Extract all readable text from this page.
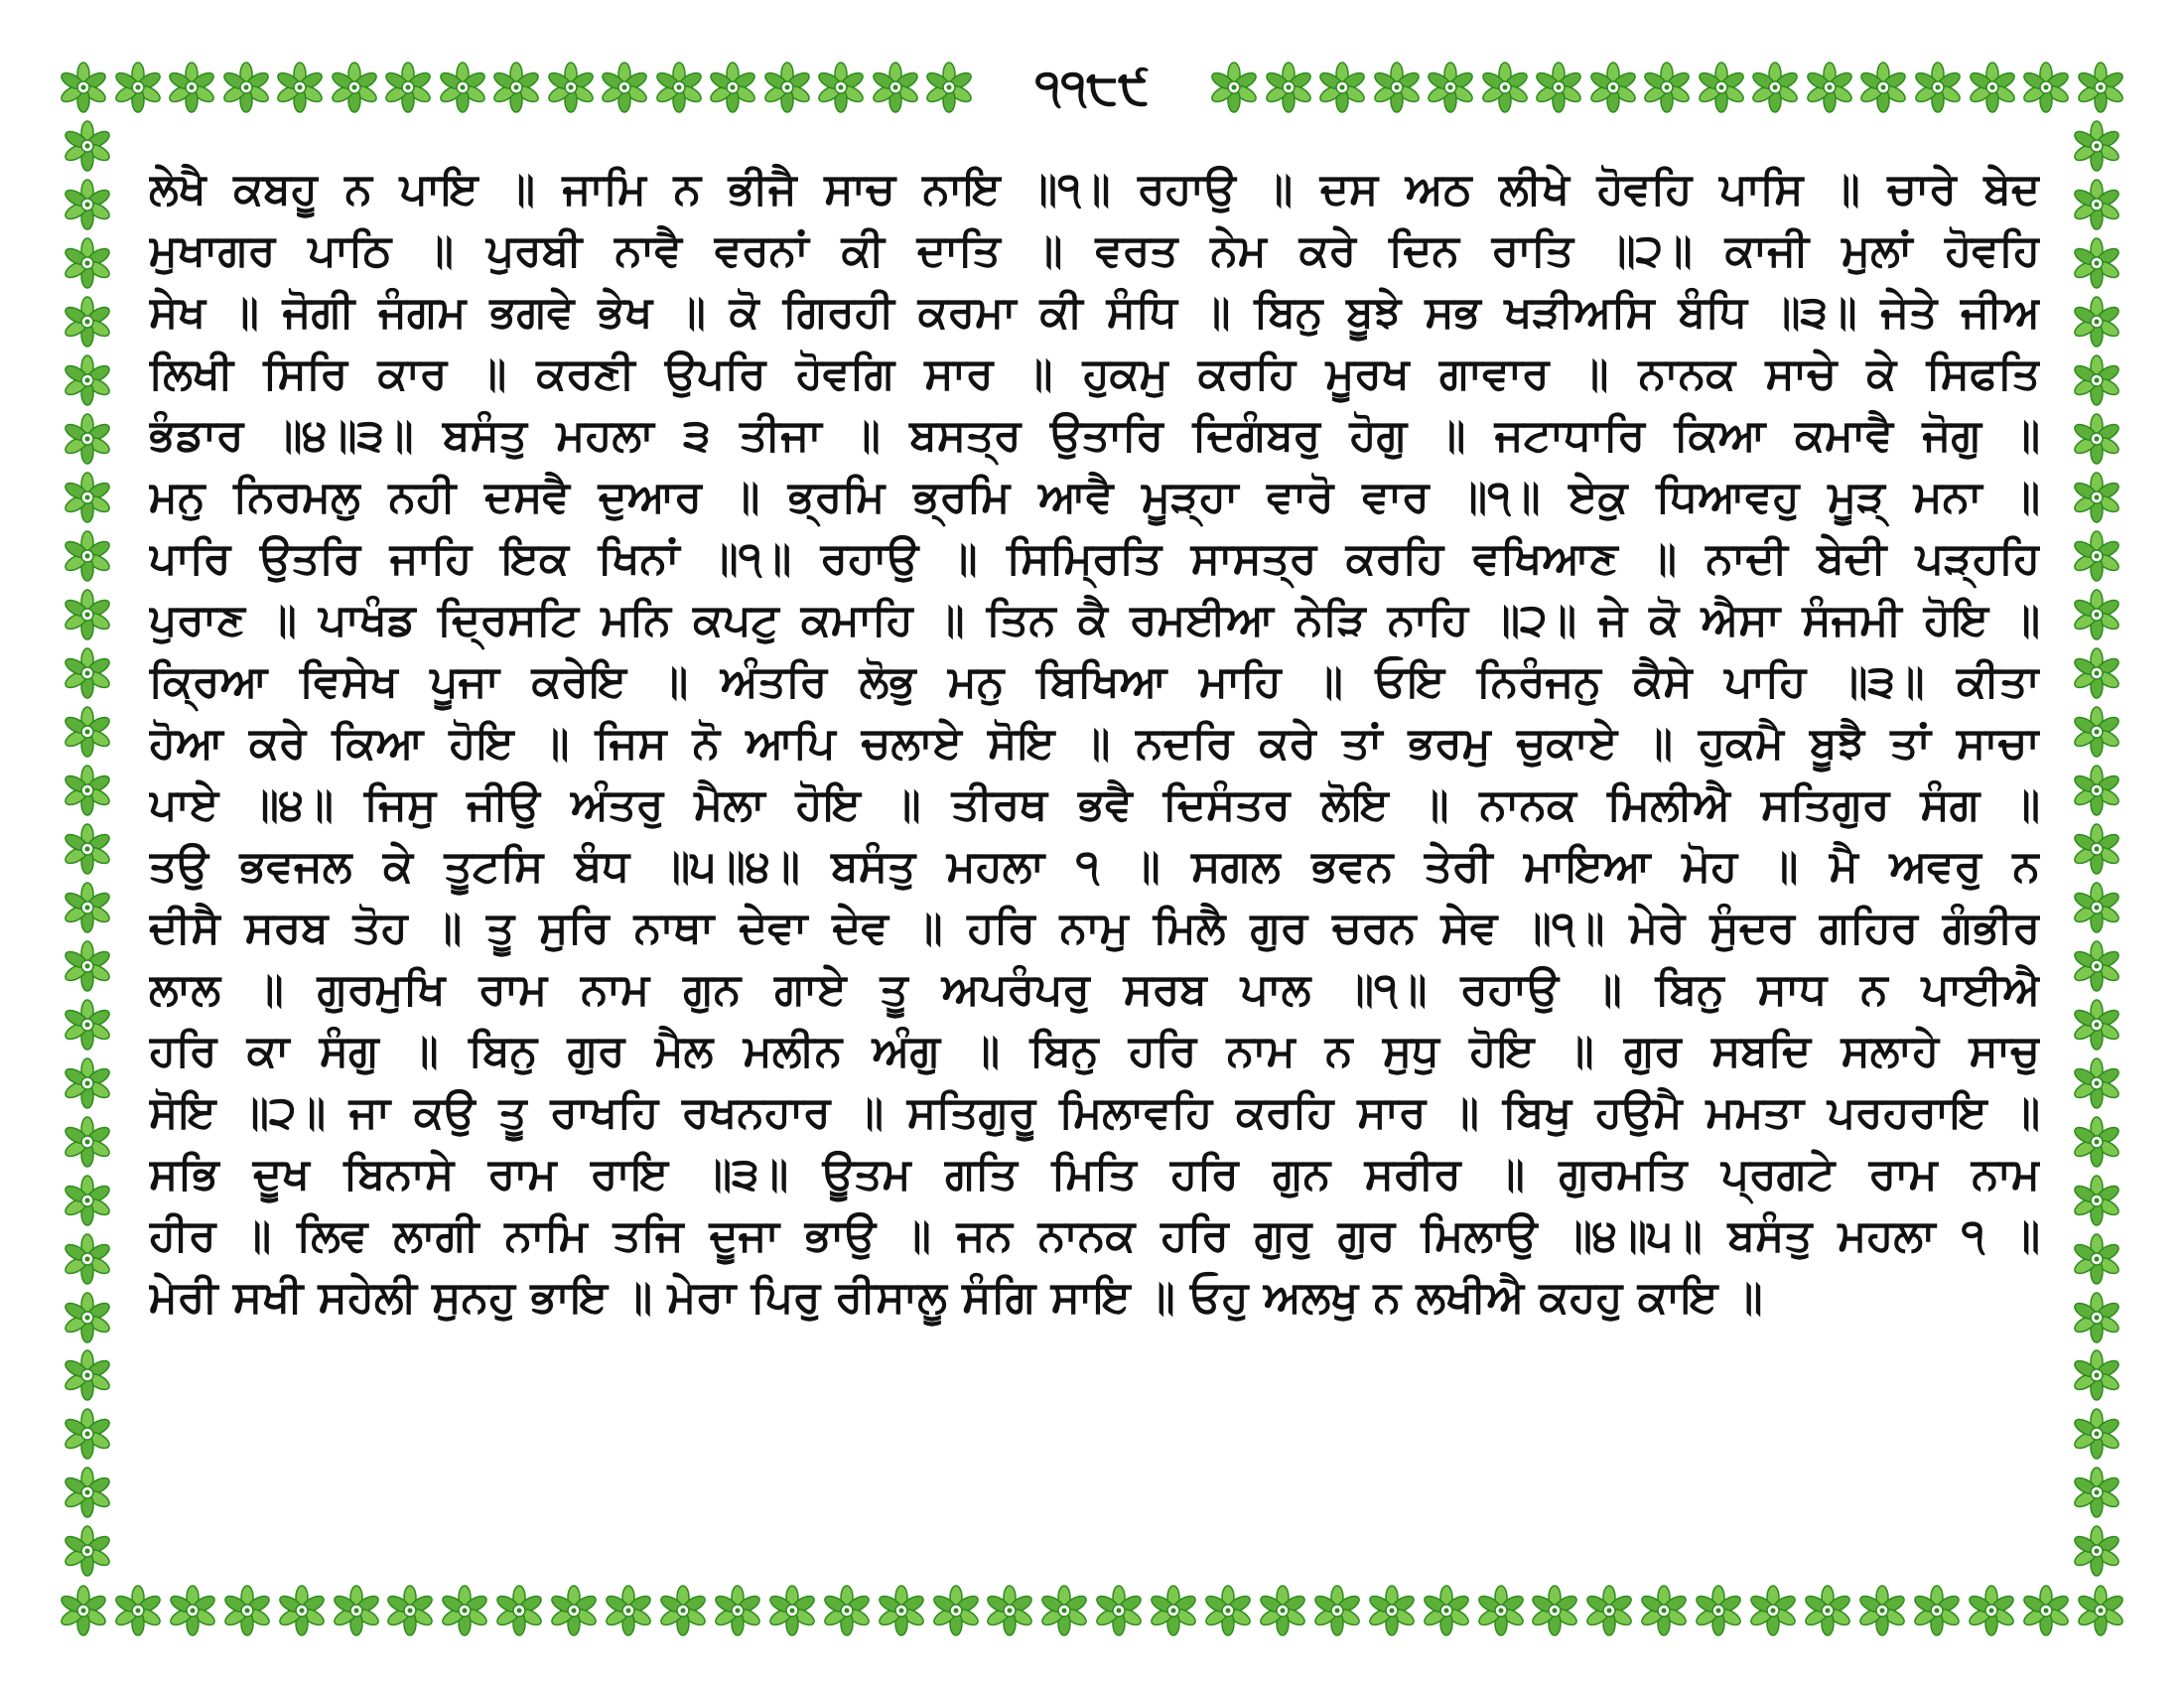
੧੧੮੯
ਲੇਖੈ ਕਬਹੂ ਨ ਪਾਇ ॥ ਜਾਮਿ ਨ ਭੀਜੈ ਸਾਚ ਨਾਇ ॥੧॥ ਰਹਾਉ ॥ ਦਸ ਅਠ ਲੀਖੇ ਹੋਵਹਿ ਪਾਸਿ ॥ ਚਾਰੇ ਬੇਦ
ਮੁਖਾਗਰ ਪਾਠਿ ॥ ਪੁਰਬੀ ਨਾਵੈ ਵਰਨਾਂ ਕੀ ਦਾਤਿ ॥ ਵਰਤ ਨੇਮ ਕਰੇ ਦਿਨ ਰਾਤਿ ॥੨॥ ਕਾਜੀ ਮੁਲਾਂ ਹੋਵਹਿ
ਸੇਖ ॥ ਜੋਗੀ ਜੰਗਮ ਭਗਵੇ ਭੇਖ ॥ ਕੋ ਗਿਰਹੀ ਕਰਮਾ ਕੀ ਸੰਧਿ ॥ ਬਿਨੁ ਬੂਝੇ ਸਭ ਖੜੀਅਸਿ ਬੰਧਿ ॥੩॥ ਜੇਤੇ ਜੀਅ
ਲਿਖੀ ਸਿਰਿ ਕਾਰ ॥ ਕਰਣੀ ਉਪਰਿ ਹੋਵਗਿ ਸਾਰ ॥ ਹੁਕਮੁ ਕਰਹਿ ਮੂਰਖ ਗਾਵਾਰ ॥ ਨਾਨਕ ਸਾਚੇ ਕੇ ਸਿਫਤਿ
ਭੰਡਾਰ ॥੪॥੩॥ ਬਸੰਤੁ ਮਹਲਾ ੩ ਤੀਜਾ ॥ ਬਸਤ੍ਰ ਉਤਾਰਿ ਦਿਗੰਬਰੁ ਹੋਗੁ ॥ ਜਟਾਧਾਰਿ ਕਿਆ ਕਮਾਵੈ ਜੋਗੁ ॥
ਮਨੁ ਨਿਰਮਲੁ ਨਹੀ ਦਸਵੈ ਦੁਆਰ ॥ ਭ੍ਰਮਿ ਭ੍ਰਮਿ ਆਵੈ ਮੂੜ੍ਹਾ ਵਾਰੋ ਵਾਰ ॥੧॥ ਏਕੁ ਧਿਆਵਹੁ ਮੂੜ੍ ਮਨਾ ॥
ਪਾਰਿ ਉਤਰਿ ਜਾਹਿ ਇਕ ਖਿਨਾਂ ॥੧॥ ਰਹਾਉ ॥ ਸਿਮ੍ਰਿਤਿ ਸਾਸਤ੍ਰ ਕਰਹਿ ਵਖਿਆਣ ॥ ਨਾਦੀ ਬੇਦੀ ਪੜ੍ਹਹਿ
ਪੁਰਾਣ ॥ ਪਾਖੰਡ ਦ੍ਰਿਸਟਿ ਮਨਿ ਕਪਟੁ ਕਮਾਹਿ ॥ ਤਿਨ ਕੈ ਰਮਈਆ ਨੇੜਿ ਨਾਹਿ ॥੨॥ ਜੇ ਕੋ ਐਸਾ ਸੰਜਮੀ ਹੋਇ ॥
ਕ੍ਰਿਆ ਵਿਸੇਖ ਪੂਜਾ ਕਰੇਇ ॥ ਅੰਤਰਿ ਲੋਭੁ ਮਨੁ ਬਿਖਿਆ ਮਾਹਿ ॥ ਓਇ ਨਿਰੰਜਨੁ ਕੈਸੇ ਪਾਹਿ ॥੩॥ ਕੀਤਾ
ਹੋਆ ਕਰੇ ਕਿਆ ਹੋਇ ॥ ਜਿਸ ਨੋ ਆਪਿ ਚਲਾਏ ਸੋਇ ॥ ਨਦਰਿ ਕਰੇ ਤਾਂ ਭਰਮੁ ਚੁਕਾਏ ॥ ਹੁਕਮੈ ਬੂਝੈ ਤਾਂ ਸਾਚਾ
ਪਾਏ ॥੪॥ ਜਿਸੁ ਜੀਉ ਅੰਤਰੁ ਮੈਲਾ ਹੋਇ ॥ ਤੀਰਥ ਭਵੈ ਦਿਸੰਤਰ ਲੋਇ ॥ ਨਾਨਕ ਮਿਲੀਐ ਸਤਿਗੁਰ ਸੰਗ ॥
ਤਉ ਭਵਜਲ ਕੇ ਤੂਟਸਿ ਬੰਧ ॥੫॥੪॥ ਬਸੰਤੁ ਮਹਲਾ ੧ ॥ ਸਗਲ ਭਵਨ ਤੇਰੀ ਮਾਇਆ ਮੋਹ ॥ ਮੈ ਅਵਰੁ ਨ
ਦੀਸੈ ਸਰਬ ਤੋਹ ॥ ਤੂ ਸੁਰਿ ਨਾਥਾ ਦੇਵਾ ਦੇਵ ॥ ਹਰਿ ਨਾਮੁ ਮਿਲੈ ਗੁਰ ਚਰਨ ਸੇਵ ॥੧॥ ਮੇਰੇ ਸੁੰਦਰ ਗਹਿਰ ਗੰਭੀਰ
ਲਾਲ ॥ ਗੁਰਮੁਖਿ ਰਾਮ ਨਾਮ ਗੁਨ ਗਾਏ ਤੂ ਅਪਰੰਪਰੁ ਸਰਬ ਪਾਲ ॥੧॥ ਰਹਾਉ ॥ ਬਿਨੁ ਸਾਧ ਨ ਪਾਈਐ
ਹਰਿ ਕਾ ਸੰਗੁ ॥ ਬਿਨੁ ਗੁਰ ਮੈਲ ਮਲੀਨ ਅੰਗੁ ॥ ਬਿਨੁ ਹਰਿ ਨਾਮ ਨ ਸੁਧੁ ਹੋਇ ॥ ਗੁਰ ਸਬਦਿ ਸਲਾਹੇ ਸਾਚੁ
ਸੋਇ ॥੨॥ ਜਾ ਕਉ ਤੂ ਰਾਖਹਿ ਰਖਨਹਾਰ ॥ ਸਤਿਗੁਰੂ ਮਿਲਾਵਹਿ ਕਰਹਿ ਸਾਰ ॥ ਬਿਖੁ ਹਉਮੈ ਮਮਤਾ ਪਰਹਰਾਇ ॥
ਸਭਿ ਦੂਖ ਬਿਨਾਸੇ ਰਾਮ ਰਾਇ ॥੩॥ ਊਤਮ ਗਤਿ ਮਿਤਿ ਹਰਿ ਗੁਨ ਸਰੀਰ ॥ ਗੁਰਮਤਿ ਪ੍ਰਗਟੇ ਰਾਮ ਨਾਮ
ਹੀਰ ॥ ਲਿਵ ਲਾਗੀ ਨਾਮਿ ਤਜਿ ਦੂਜਾ ਭਾਉ ॥ ਜਨ ਨਾਨਕ ਹਰਿ ਗੁਰੁ ਗੁਰ ਮਿਲਾਉ ॥੪॥੫॥ ਬਸੰਤੁ ਮਹਲਾ ੧ ॥
ਮੇਰੀ ਸਖੀ ਸਹੇਲੀ ਸੁਨਹੁ ਭਾਇ ॥ ਮੇਰਾ ਪਿਰੁ ਰੀਸਾਲੂ ਸੰਗਿ ਸਾਇ ॥ ਓਹੁ ਅਲਖੁ ਨ ਲਖੀਐ ਕਹਹੁ ਕਾਇ ॥
